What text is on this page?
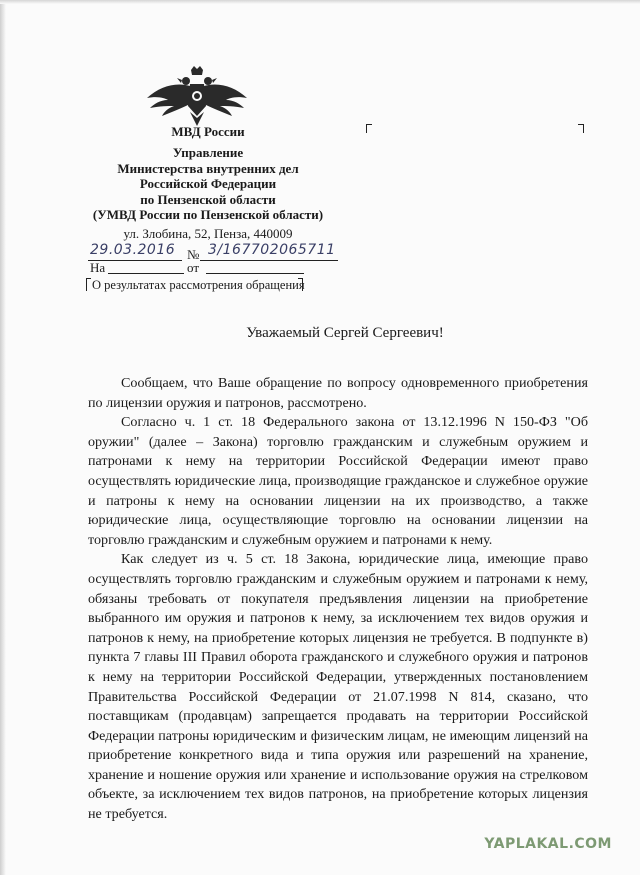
МВД России
Управление
Министерства внутренних дел
Российской Федерации
по Пензенской области
(УМВД России по Пензенской области)
ул. Злобина, 52, Пенза, 440009
29.03.2016 № 3/167702065711
На	от
О результатах рассмотрения обращения
Уважаемый Сергей Сергеевич!

Сообщаем, что Ваше обращение по вопросу одновременного приобретения по лицензии оружия и патронов, рассмотрено.

Согласно ч. 1 ст. 18 Федерального закона от 13.12.1996 N 150-ФЗ "Об оружии" (далее – Закона) торговлю гражданским и служебным оружием и патронами к нему на территории Российской Федерации имеют право осуществлять юридические лица, производящие гражданское и служебное оружие и патроны к нему на основании лицензии на их производство, а также юридические лица, осуществляющие торговлю на основании лицензии на торговлю гражданским и служебным оружием и патронами к нему.

Как следует из ч. 5 ст. 18 Закона, юридические лица, имеющие право осуществлять торговлю гражданским и служебным оружием и патронами к нему, обязаны требовать от покупателя предъявления лицензии на приобретение выбранного им оружия и патронов к нему, за исключением тех видов оружия и патронов к нему, на приобретение которых лицензия не требуется. В подпункте в) пункта 7 главы III Правил оборота гражданского и служебного оружия и патронов к нему на территории Российской Федерации, утвержденных постановлением Правительства Российской Федерации от 21.07.1998 N 814, сказано, что поставщикам (продавцам) запрещается продавать на территории Российской Федерации патроны юридическим и физическим лицам, не имеющим лицензий на приобретение конкретного вида и типа оружия или разрешений на хранение, хранение и ношение оружия или хранение и использование оружия на стрелковом объекте, за исключением тех видов патронов, на приобретение которых лицензия не требуется.

YAPLAKAL.COM
